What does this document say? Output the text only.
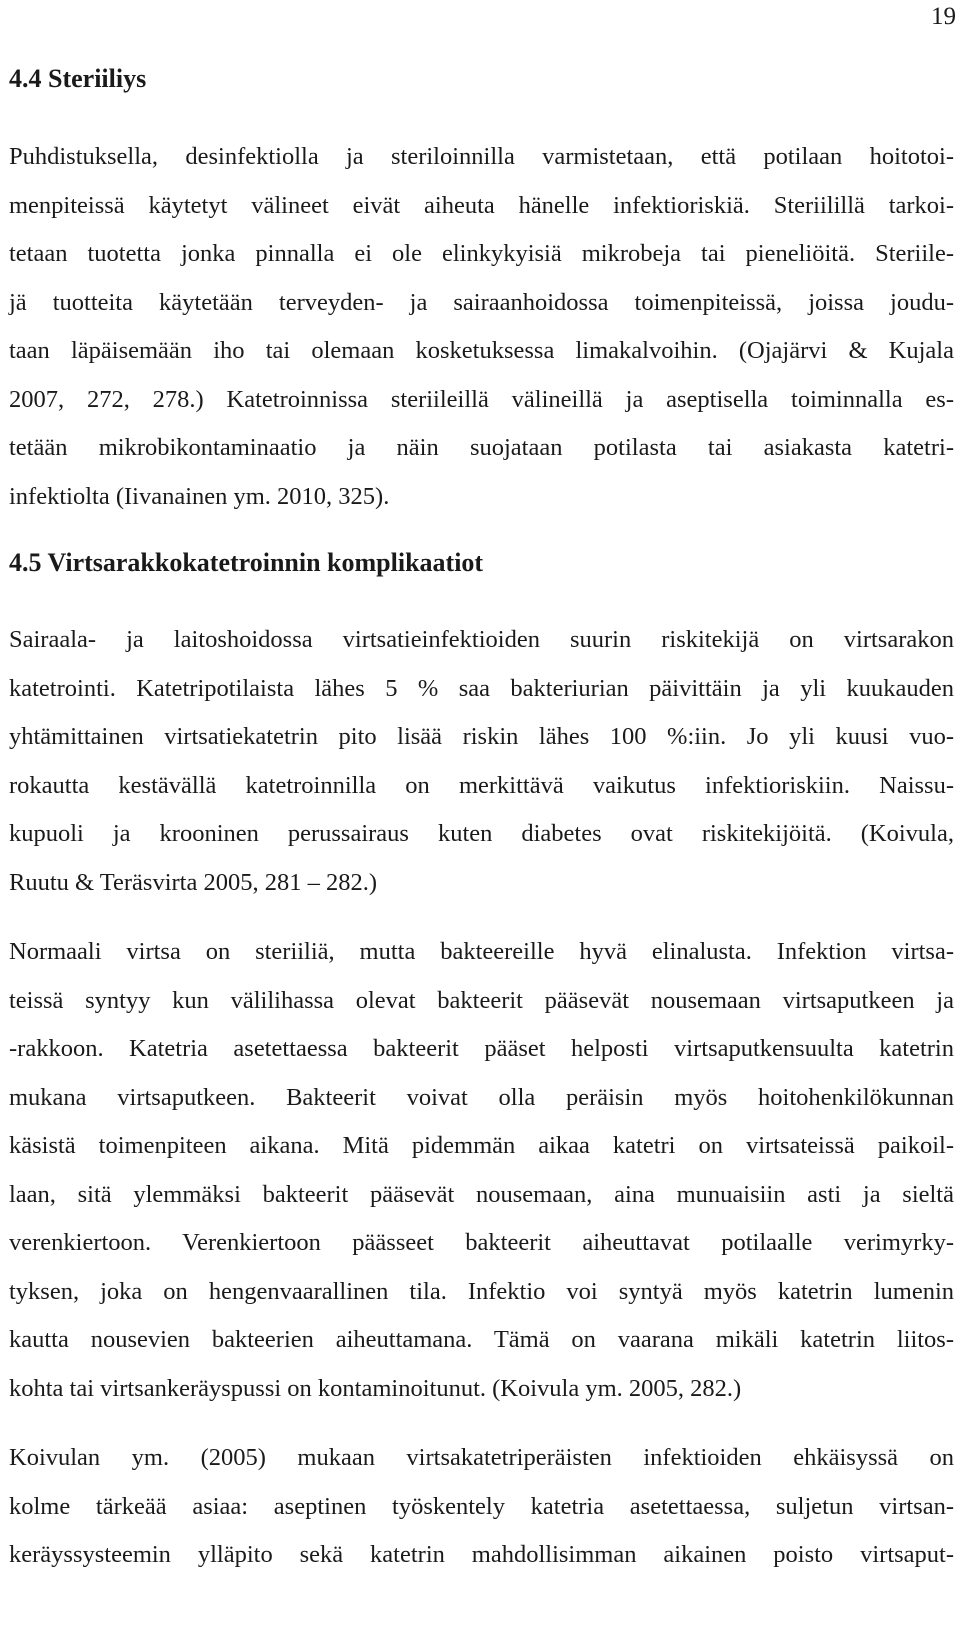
19
4.4 Steriiliys
Puhdistuksella, desinfektiolla ja steriloinnilla varmistetaan, että potilaan hoitotoi-
menpiteissä käytetyt välineet eivät aiheuta hänelle infektioriskiä. Steriilillä tarkoi-
tetaan tuotetta jonka pinnalla ei ole elinkykyisiä mikrobeja tai pieneliöitä. Steriile-
jä tuotteita käytetään terveyden- ja sairaanhoidossa toimenpiteissä, joissa joudu-
taan läpäisemään iho tai olemaan kosketuksessa limakalvoihin. (Ojajärvi & Kujala
2007, 272, 278.) Katetroinnissa steriileillä välineillä ja aseptisella toiminnalla es-
tetään mikrobikontaminaatio ja näin suojataan potilasta tai asiakasta katetri-
infektiolta (Iivanainen ym. 2010, 325).
4.5 Virtsarakkokatetroinnin komplikaatiot
Sairaala- ja laitoshoidossa virtsatieinfektioiden suurin riskitekijä on virtsarakon
katetrointi. Katetripotilaista lähes 5 % saa bakteriurian päivittäin ja yli kuukauden
yhtämittainen virtsatiekatetrin pito lisää riskin lähes 100 %:iin. Jo yli kuusi vuo-
rokautta kestävällä katetroinnilla on merkittävä vaikutus infektioriskiin. Naissu-
kupuoli ja krooninen perussairaus kuten diabetes ovat riskitekijöitä. (Koivula,
Ruutu & Teräsvirta 2005, 281 – 282.)
Normaali virtsa on steriiliä, mutta bakteereille hyvä elinalusta. Infektion virtsa-
teissä syntyy kun välilihassa olevat bakteerit pääsevät nousemaan virtsaputkeen ja
-rakkoon. Katetria asetettaessa bakteerit pääset helposti virtsaputkensuulta katetrin
mukana virtsaputkeen. Bakteerit voivat olla peräisin myös hoitohenkilökunnan
käsistä toimenpiteen aikana. Mitä pidemmän aikaa katetri on virtsateissä paikoil-
laan, sitä ylemmäksi bakteerit pääsevät nousemaan, aina munuaisiin asti ja sieltä
verenkiertoon. Verenkiertoon päässeet bakteerit aiheuttavat potilaalle verimyrky-
tyksen, joka on hengenvaarallinen tila. Infektio voi syntyä myös katetrin lumenin
kautta nousevien bakteerien aiheuttamana. Tämä on vaarana mikäli katetrin liitos-
kohta tai virtsankeräyspussi on kontaminoitunut. (Koivula ym. 2005, 282.)
Koivulan ym. (2005) mukaan virtsakatetriperäisten infektioiden ehkäisyssä on
kolme tärkeää asiaa: aseptinen työskentely katetria asetettaessa, suljetun virtsan-
keräyssysteemin ylläpito sekä katetrin mahdollisimman aikainen poisto virtsaput-
